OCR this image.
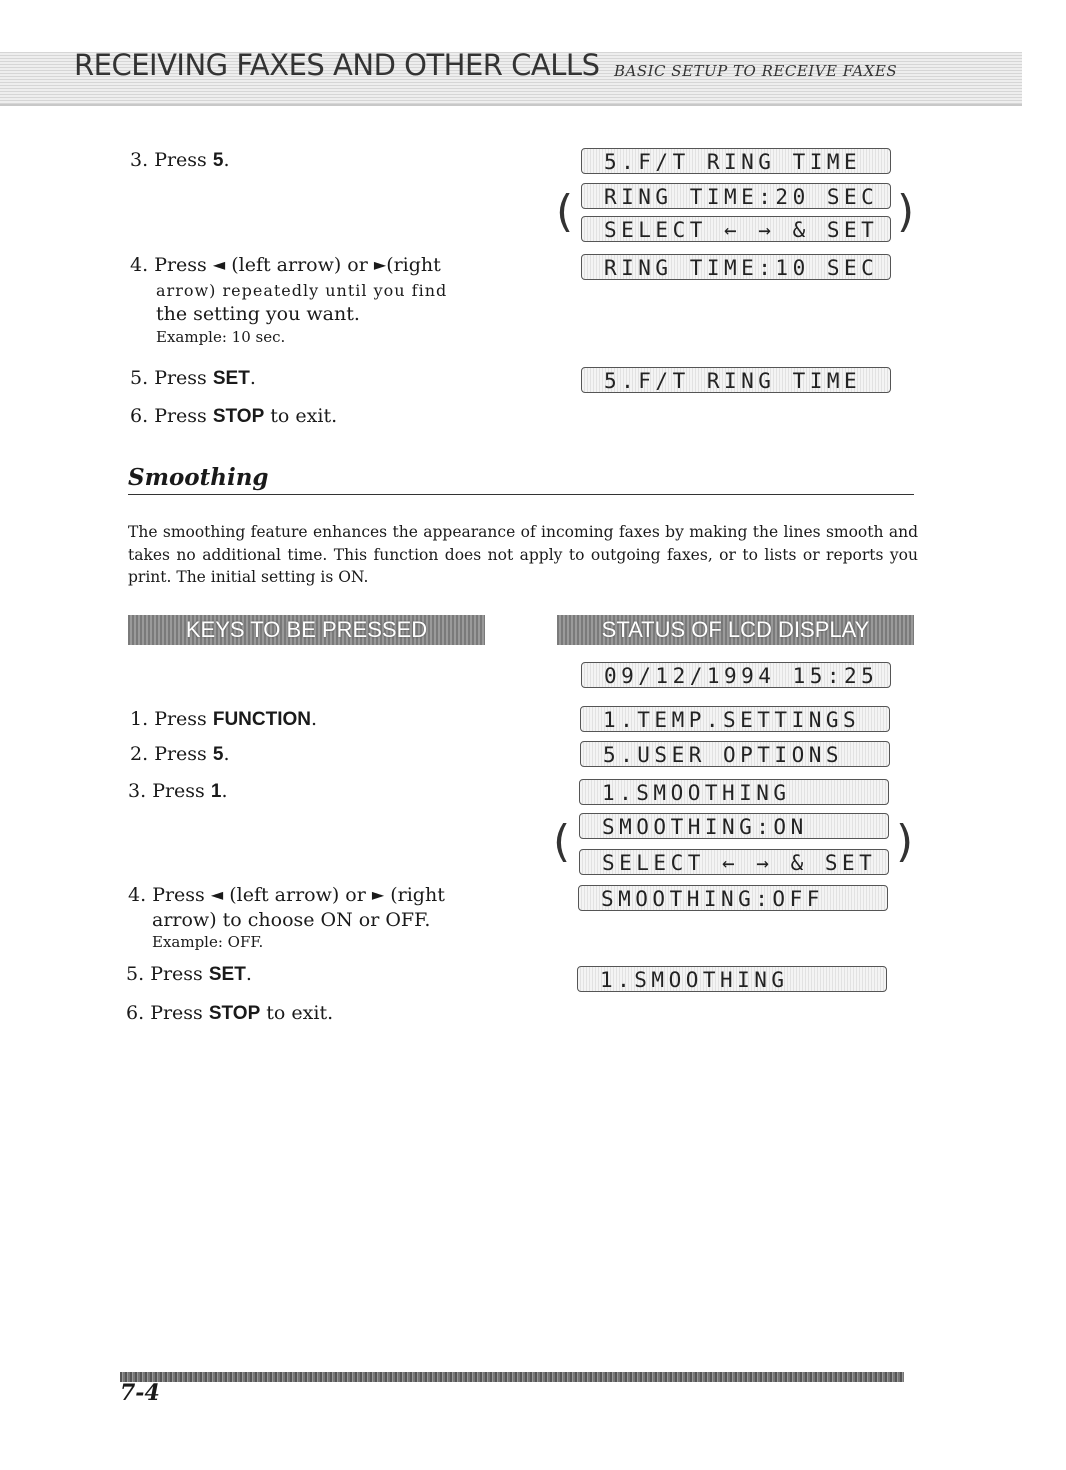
RECEIVING FAXES AND OTHER CALLS BASIC SETUP TO RECEIVE FAXES
3. Press 5.
4. Press ◄ (left arrow) or ►(right
arrow) repeatedly until you find
the setting you want.
Example: 10 sec.
5. Press SET.
6. Press STOP to exit.
5.F/T RING TIME
RING TIME:20 SEC
SELECT ← → & SET
(	)
RING TIME:10 SEC
5.F/T RING TIME
Smoothing
The smoothing feature enhances the appearance of incoming faxes by making the lines smooth and takes no additional time. This function does not apply to outgoing faxes, or to lists or reports you print. The initial setting is ON.
KEYS TO BE PRESSED	STATUS OF LCD DISPLAY
1. Press FUNCTION.
2. Press 5.
3. Press 1.
4. Press ◄ (left arrow) or ► (right
arrow) to choose ON or OFF.
Example: OFF.
5. Press SET.
6. Press STOP to exit.
09/12/1994 15:25
1.TEMP.SETTINGS
5.USER OPTIONS
1.SMOOTHING
SMOOTHING:ON
SELECT ← → & SET
(	)
SMOOTHING:OFF
1.SMOOTHING
7-4
